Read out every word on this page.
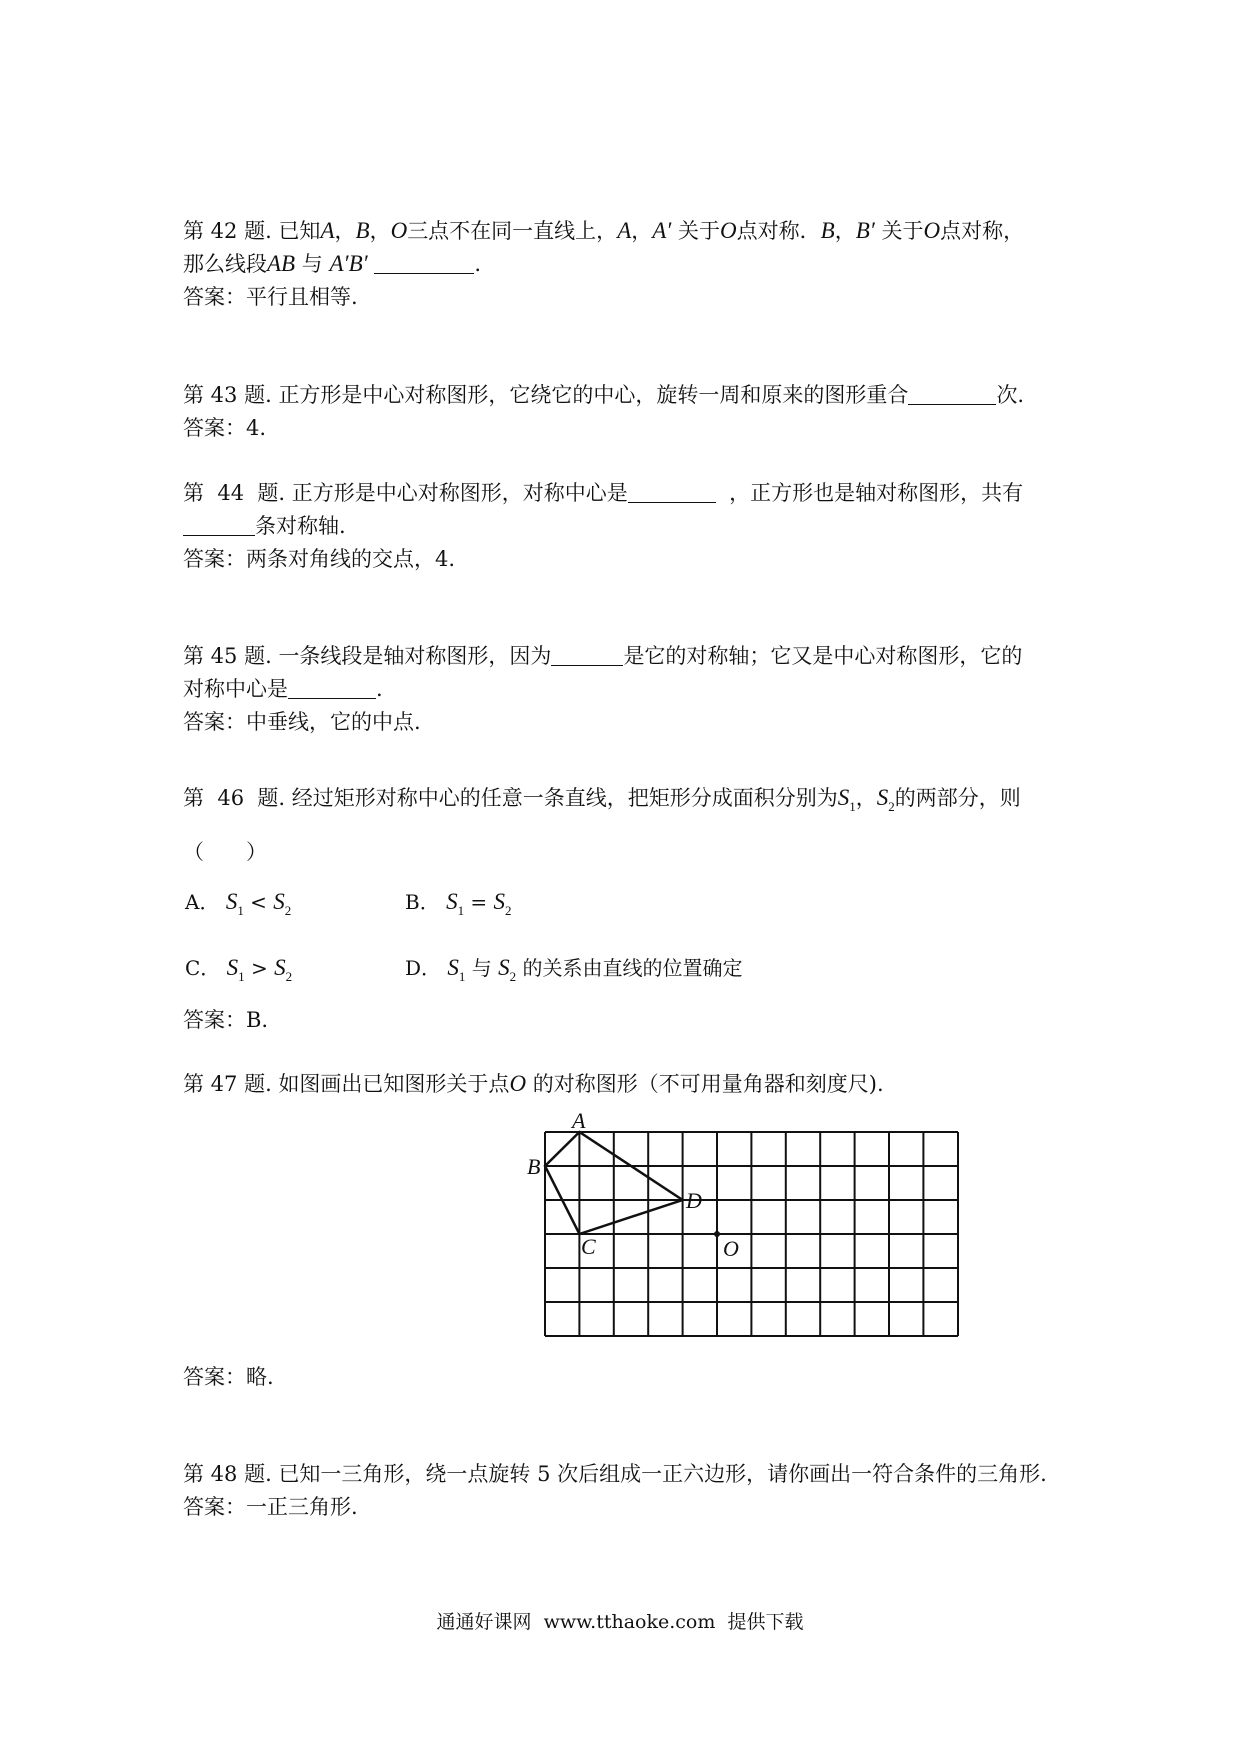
第 42 题. 已知A，B，O三点不在同一直线上，A，A′ 关于O点对称．B，B′ 关于O点对称，
那么线段AB 与 A′B′	.
答案：平行且相等.
第 43 题. 正方形是中心对称图形，它绕它的中心，旋转一周和原来的图形重合	次.
答案：4.
第  44  题. 正方形是中心对称图形，对称中心是	，正方形也是轴对称图形，共有
条对称轴.
答案：两条对角线的交点，4.
第 45 题. 一条线段是轴对称图形，因为	是它的对称轴；它又是中心对称图形，它的
对称中心是	.
答案：中垂线，它的中点.
第  46  题. 经过矩形对称中心的任意一条直线，把矩形分成面积分别为$S_1$，$S_2$的两部分，则
（　　）
A． $S_1 < S_2$	B． $S_1 = S_2$
C． $S_1 > S_2$	D． $S_1$ 与 $S_2$ 的关系由直线的位置确定
答案：B.
第 47 题. 如图画出已知图形关于点O 的对称图形（不可用量角器和刻度尺).
A
B
C
D
O
答案：略.
第 48 题. 已知一三角形，绕一点旋转 5 次后组成一正六边形，请你画出一符合条件的三角形.
答案：一正三角形.
通通好课网  www.tthaoke.com  提供下载
